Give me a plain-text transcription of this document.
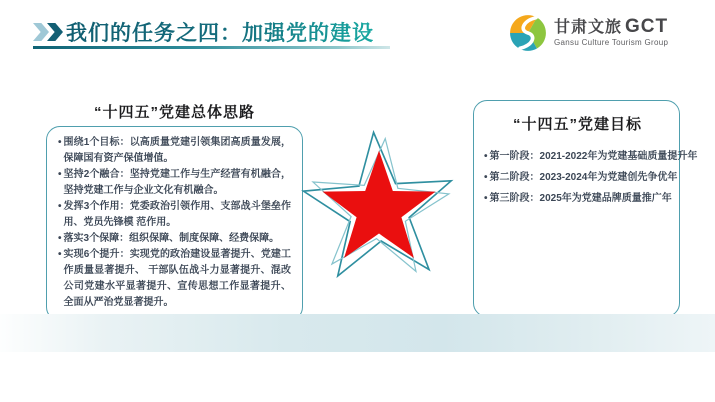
我们的任务之四：加强党的建设	甘肃文旅 GCT
Gansu Culture Tourism Group
“十四五”党建总体思路
• 围绕1个目标：以高质量党建引领集团高质量发展，保障国有资产保值增值。
• 坚持2个融合：坚持党建工作与生产经营有机融合，坚持党建工作与企业文化有机融合。
• 发挥3个作用：党委政治引领作用、支部战斗堡垒作用、党员先锋模 范作用。
• 落实3个保障：组织保障、制度保障、经费保障。
• 实现6个提升：实现党的政治建设显著提升、党建工作质量显著提升、 干部队伍战斗力显著提升、混改公司党建水平显著提升、宣传思想工作显著提升、全面从严治党显著提升。
“十四五”党建目标
• 第一阶段：2021-2022年为党建基础质量提升年
• 第二阶段：2023-2024年为党建创先争优年
• 第三阶段：2025年为党建品牌质量推广年
